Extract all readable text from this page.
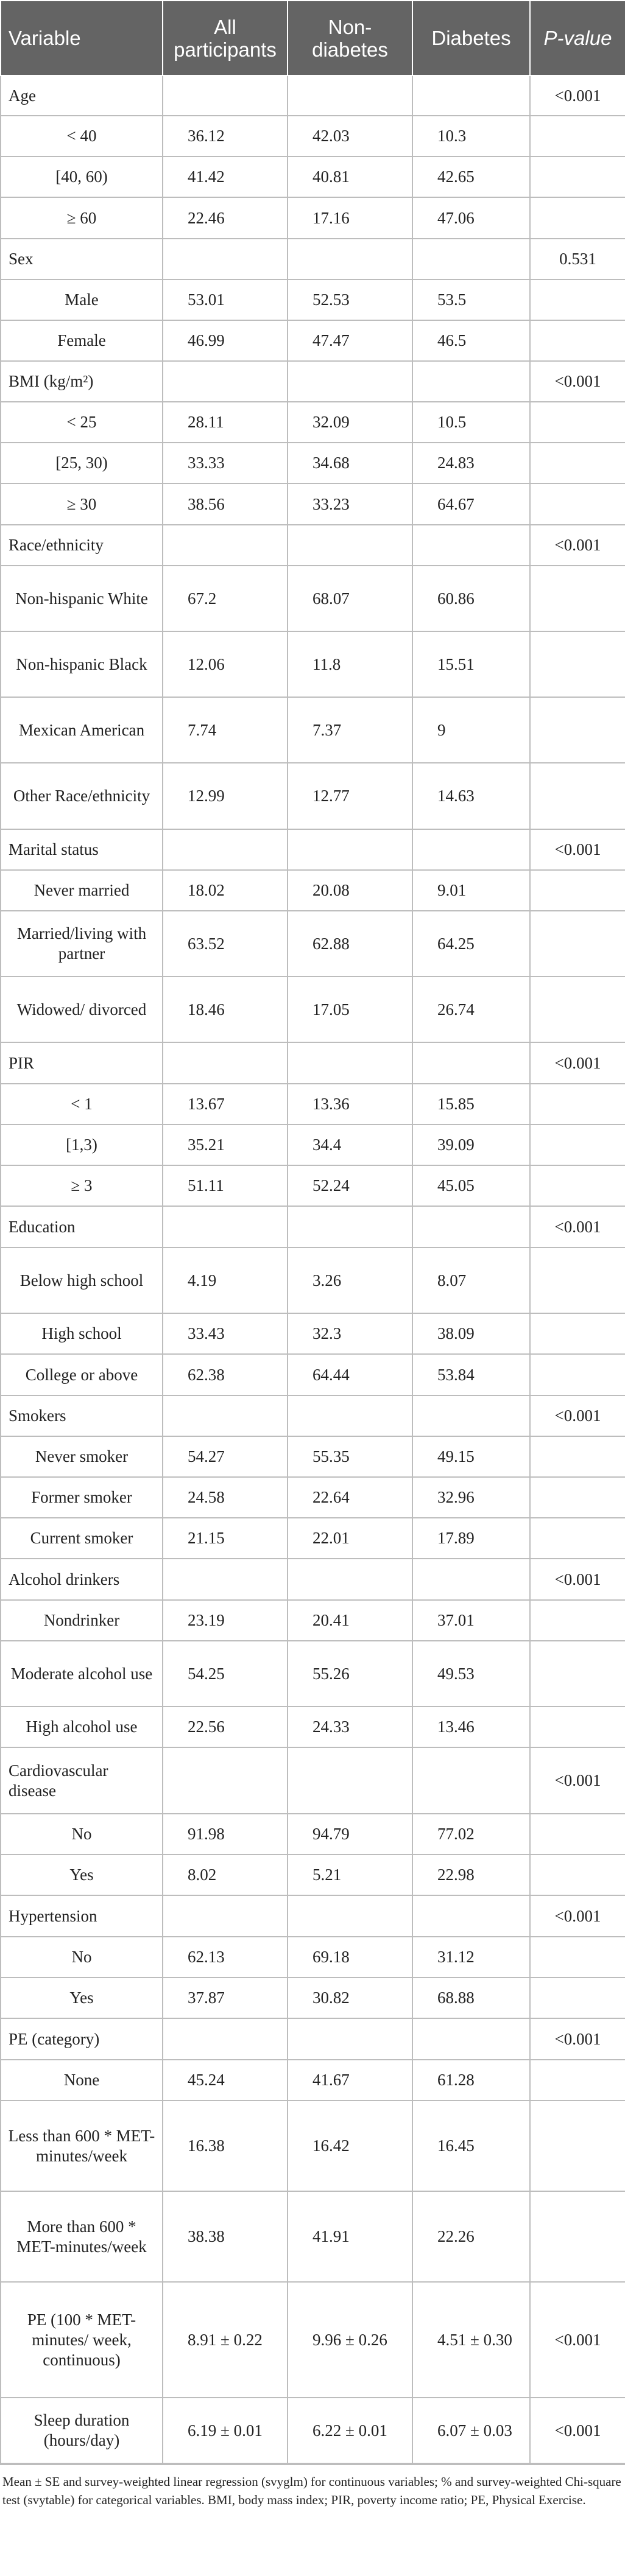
Variable	All participants	Non-diabetes	Diabetes	P-value
Age				<0.001
< 40	36.12	42.03	10.3	
[40, 60)	41.42	40.81	42.65	
≥ 60	22.46	17.16	47.06	
Sex				0.531
Male	53.01	52.53	53.5	
Female	46.99	47.47	46.5	
BMI (kg/m²)				<0.001
< 25	28.11	32.09	10.5	
[25, 30)	33.33	34.68	24.83	
≥ 30	38.56	33.23	64.67	
Race/ethnicity				<0.001
Non-hispanic White	67.2	68.07	60.86	
Non-hispanic Black	12.06	11.8	15.51	
Mexican American	7.74	7.37	9	
Other Race/ethnicity	12.99	12.77	14.63	
Marital status				<0.001
Never married	18.02	20.08	9.01	
Married/living with partner	63.52	62.88	64.25	
Widowed/ divorced	18.46	17.05	26.74	
PIR				<0.001
< 1	13.67	13.36	15.85	
[1,3)	35.21	34.4	39.09	
≥ 3	51.11	52.24	45.05	
Education				<0.001
Below high school	4.19	3.26	8.07	
High school	33.43	32.3	38.09	
College or above	62.38	64.44	53.84	
Smokers				<0.001
Never smoker	54.27	55.35	49.15	
Former smoker	24.58	22.64	32.96	
Current smoker	21.15	22.01	17.89	
Alcohol drinkers				<0.001
Nondrinker	23.19	20.41	37.01	
Moderate alcohol use	54.25	55.26	49.53	
High alcohol use	22.56	24.33	13.46	
Cardiovascular disease				<0.001
No	91.98	94.79	77.02	
Yes	8.02	5.21	22.98	
Hypertension				<0.001
No	62.13	69.18	31.12	
Yes	37.87	30.82	68.88	
PE (category)				<0.001
None	45.24	41.67	61.28	
Less than 600 * MET-minutes/week	16.38	16.42	16.45	
More than 600 * MET-minutes/week	38.38	41.91	22.26	
PE (100 * MET-minutes/ week, continuous)	8.91 ± 0.22	9.96 ± 0.26	4.51 ± 0.30	<0.001
Sleep duration (hours/day)	6.19 ± 0.01	6.22 ± 0.01	6.07 ± 0.03	<0.001
Mean ± SE and survey-weighted linear regression (svyglm) for continuous variables; % and survey-weighted Chi-square test (svytable) for categorical variables. BMI, body mass index; PIR, poverty income ratio; PE, Physical Exercise.
